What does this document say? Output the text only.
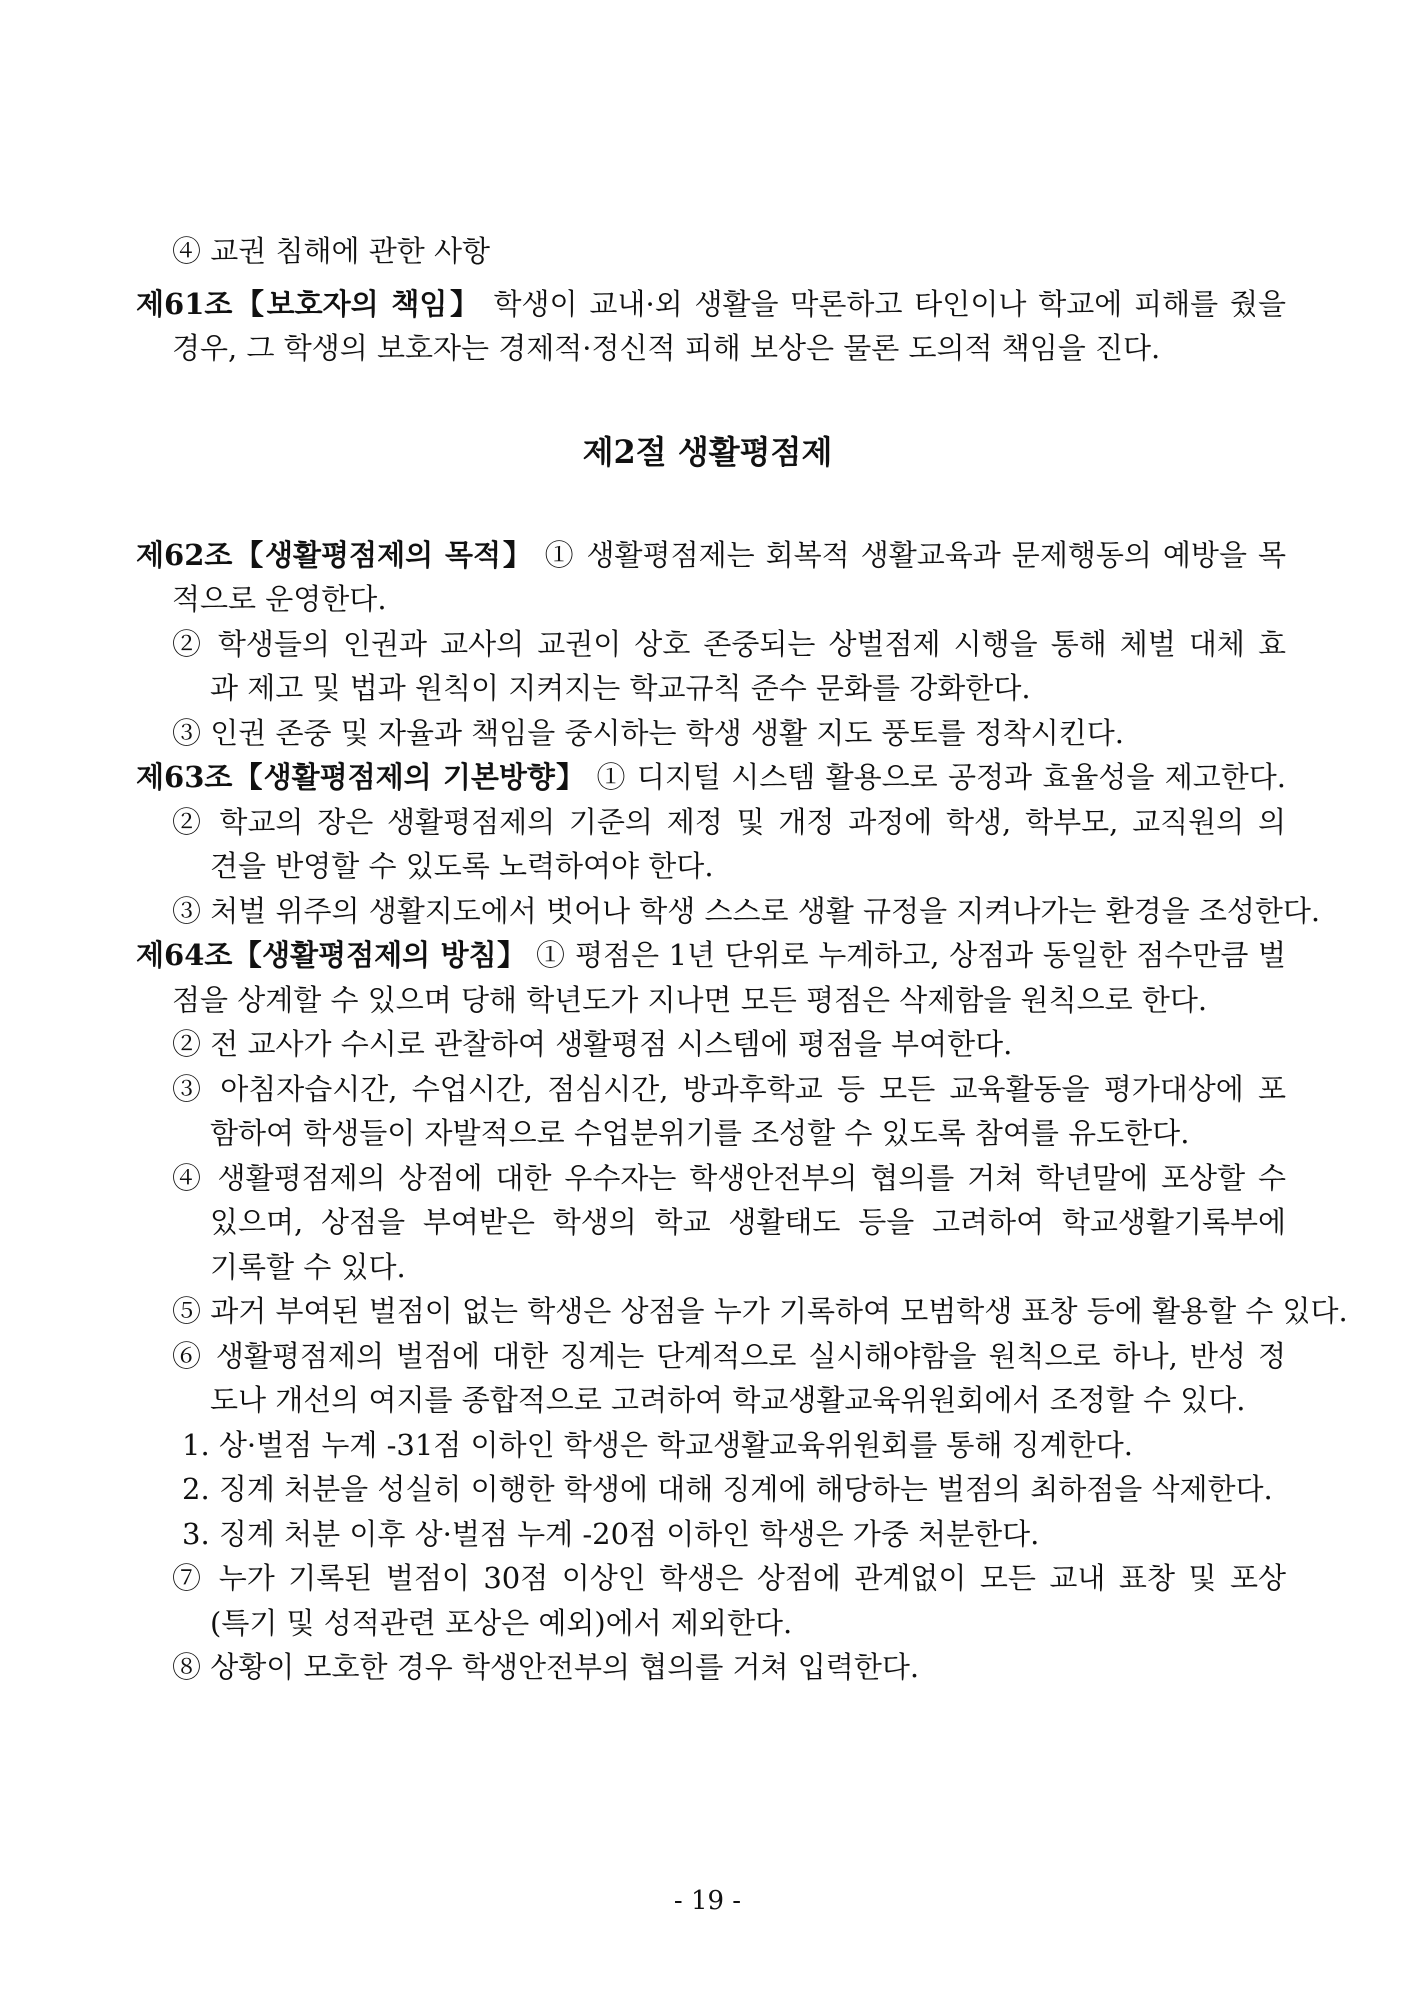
④ 교권 침해에 관한 사항
제61조【보호자의 책임】 학생이 교내·외 생활을 막론하고 타인이나 학교에 피해를 줬을
경우, 그 학생의 보호자는 경제적·정신적 피해 보상은 물론 도의적 책임을 진다.
제2절 생활평점제
제62조【생활평점제의 목적】 ① 생활평점제는 회복적 생활교육과 문제행동의 예방을 목
적으로 운영한다.
② 학생들의 인권과 교사의 교권이 상호 존중되는 상벌점제 시행을 통해 체벌 대체 효
과 제고 및 법과 원칙이 지켜지는 학교규칙 준수 문화를 강화한다.
③ 인권 존중 및 자율과 책임을 중시하는 학생 생활 지도 풍토를 정착시킨다.
제63조【생활평점제의 기본방향】 ① 디지털 시스템 활용으로 공정과 효율성을 제고한다.
② 학교의 장은 생활평점제의 기준의 제정 및 개정 과정에 학생, 학부모, 교직원의 의
견을 반영할 수 있도록 노력하여야 한다.
③ 처벌 위주의 생활지도에서 벗어나 학생 스스로 생활 규정을 지켜나가는 환경을 조성한다.
제64조【생활평점제의 방침】 ① 평점은 1년 단위로 누계하고, 상점과 동일한 점수만큼 벌
점을 상계할 수 있으며 당해 학년도가 지나면 모든 평점은 삭제함을 원칙으로 한다.
② 전 교사가 수시로 관찰하여 생활평점 시스템에 평점을 부여한다.
③ 아침자습시간, 수업시간, 점심시간, 방과후학교 등 모든 교육활동을 평가대상에 포
함하여 학생들이 자발적으로 수업분위기를 조성할 수 있도록 참여를 유도한다.
④ 생활평점제의 상점에 대한 우수자는 학생안전부의 협의를 거쳐 학년말에 포상할 수
있으며, 상점을 부여받은 학생의 학교 생활태도 등을 고려하여 학교생활기록부에
기록할 수 있다.
⑤ 과거 부여된 벌점이 없는 학생은 상점을 누가 기록하여 모범학생 표창 등에 활용할 수 있다.
⑥ 생활평점제의 벌점에 대한 징계는 단계적으로 실시해야함을 원칙으로 하나, 반성 정
도나 개선의 여지를 종합적으로 고려하여 학교생활교육위원회에서 조정할 수 있다.
1. 상·벌점 누계 -31점 이하인 학생은 학교생활교육위원회를 통해 징계한다.
2. 징계 처분을 성실히 이행한 학생에 대해 징계에 해당하는 벌점의 최하점을 삭제한다.
3. 징계 처분 이후 상·벌점 누계 -20점 이하인 학생은 가중 처분한다.
⑦ 누가 기록된 벌점이 30점 이상인 학생은 상점에 관계없이 모든 교내 표창 및 포상
(특기 및 성적관련 포상은 예외)에서 제외한다.
⑧ 상황이 모호한 경우 학생안전부의 협의를 거쳐 입력한다.
- 19 -
